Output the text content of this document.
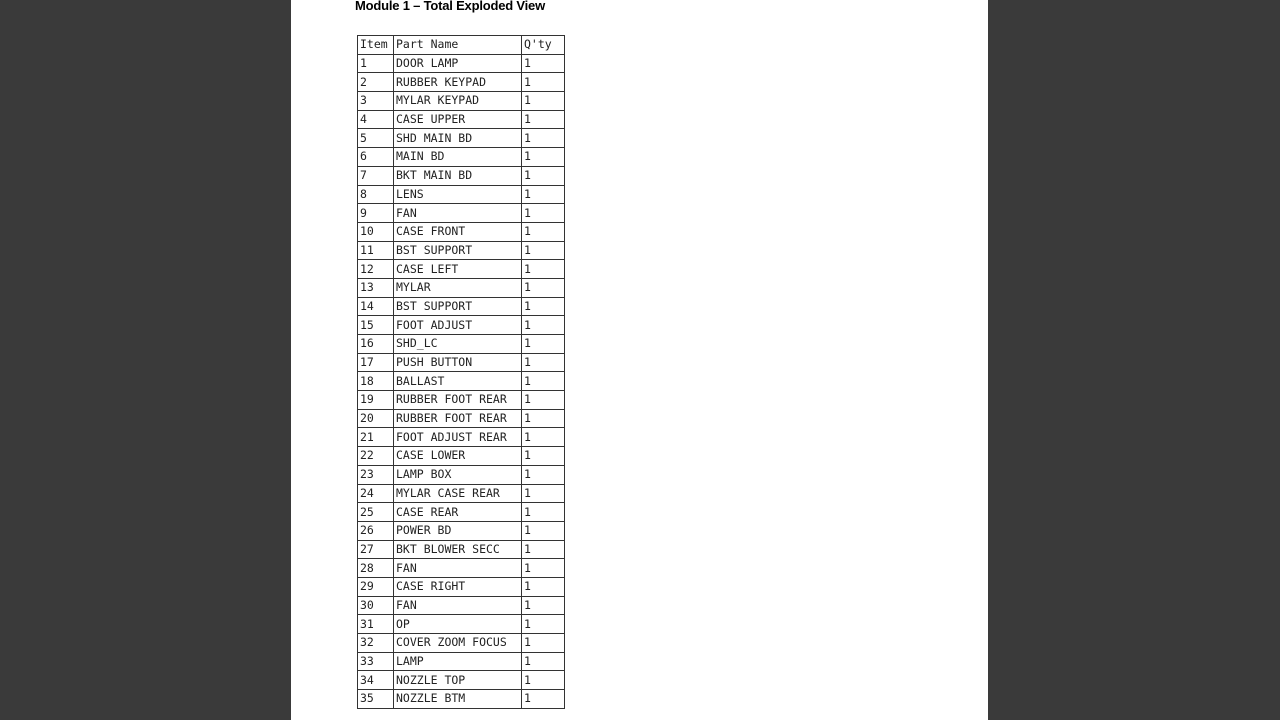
Module 1 – Total Exploded View
Item	Part Name	Q'ty
1	DOOR LAMP	1
2	RUBBER KEYPAD	1
3	MYLAR KEYPAD	1
4	CASE UPPER	1
5	SHD MAIN BD	1
6	MAIN BD	1
7	BKT MAIN BD	1
8	LENS	1
9	FAN	1
10	CASE FRONT	1
11	BST SUPPORT	1
12	CASE LEFT	1
13	MYLAR	1
14	BST SUPPORT	1
15	FOOT ADJUST	1
16	SHD_LC	1
17	PUSH BUTTON	1
18	BALLAST	1
19	RUBBER FOOT REAR	1
20	RUBBER FOOT REAR	1
21	FOOT ADJUST REAR	1
22	CASE LOWER	1
23	LAMP BOX	1
24	MYLAR CASE REAR	1
25	CASE REAR	1
26	POWER BD	1
27	BKT BLOWER SECC	1
28	FAN	1
29	CASE RIGHT	1
30	FAN	1
31	OP	1
32	COVER ZOOM FOCUS	1
33	LAMP	1
34	NOZZLE TOP	1
35	NOZZLE BTM	1
